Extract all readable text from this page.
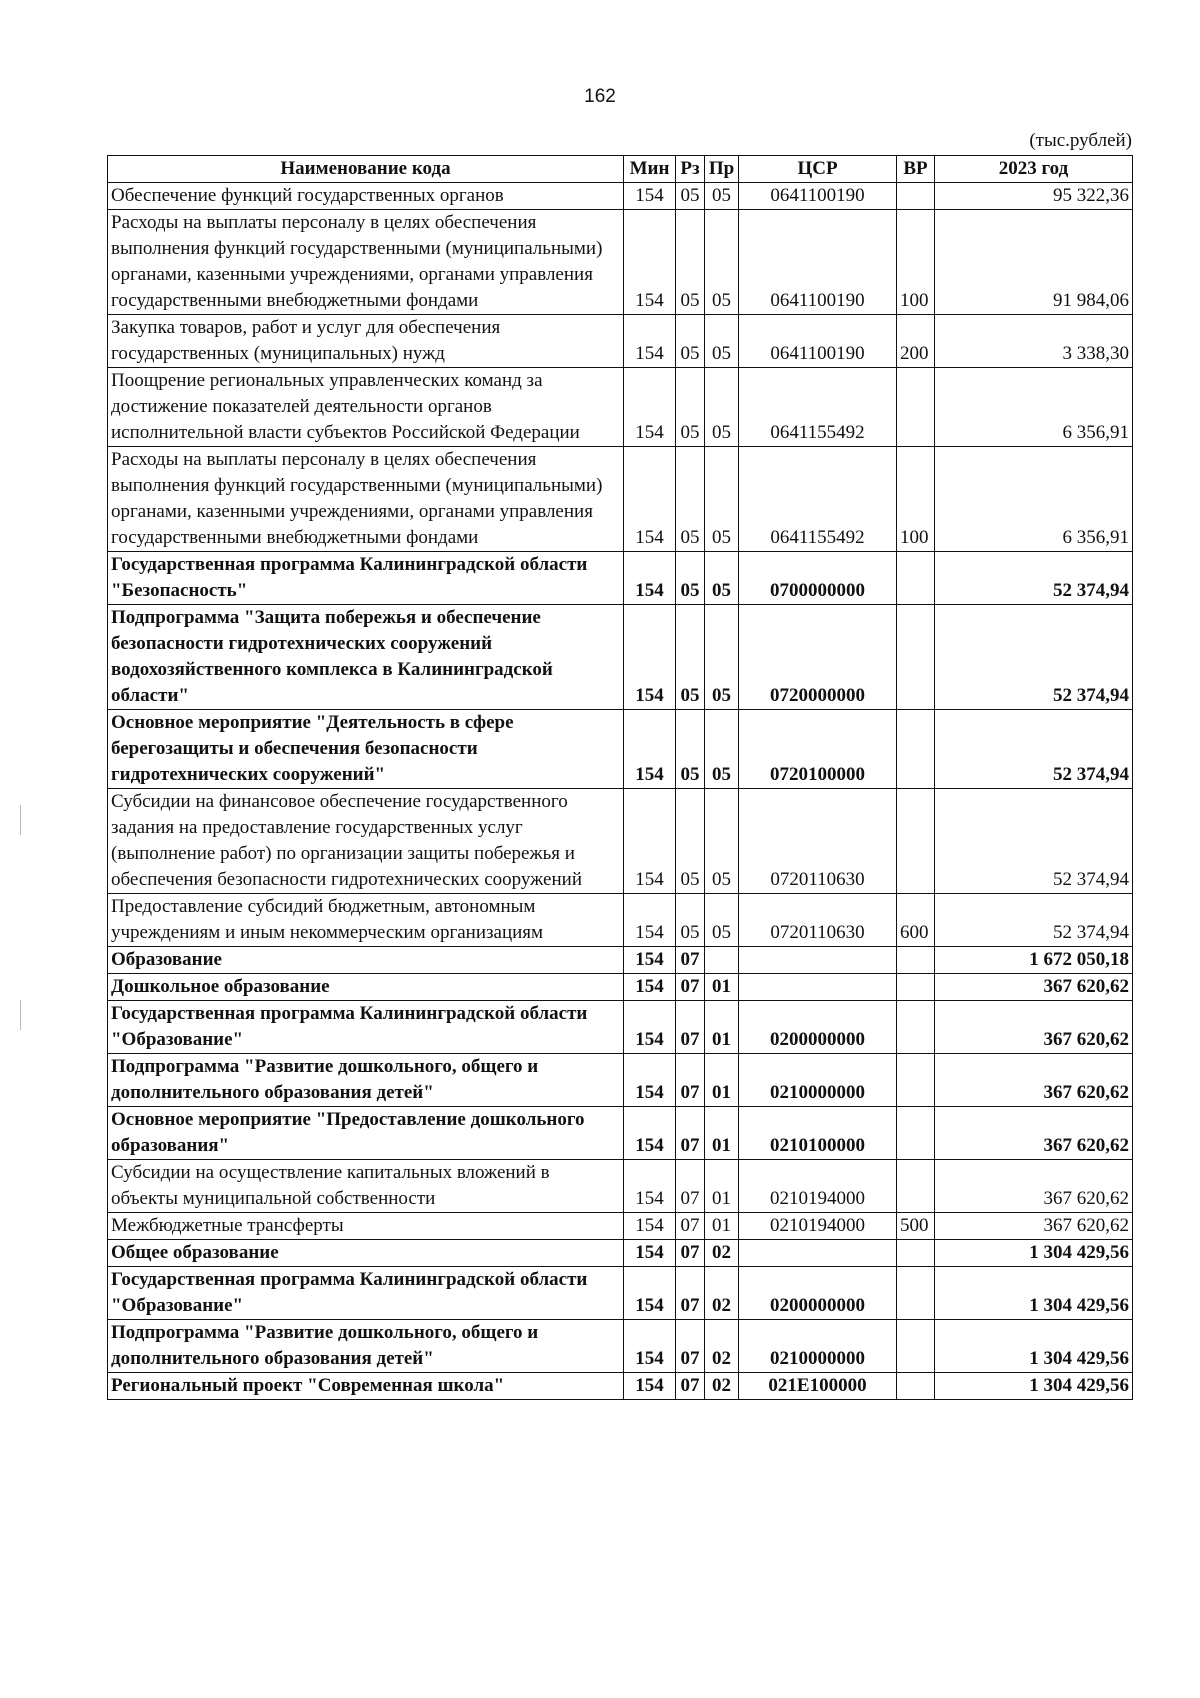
162
(тыс.рублей)
Наименование кода	Мин	Рз	Пр	ЦСР	ВР	2023 год
Обеспечение функций государственных органов	154	05	05	0641100190		95 322,36
Расходы на выплаты персоналу в целях обеспечения выполнения функций государственными (муниципальными) органами, казенными учреждениями, органами управления государственными внебюджетными фондами	154	05	05	0641100190	100	91 984,06
Закупка товаров, работ и услуг для обеспечения государственных (муниципальных) нужд	154	05	05	0641100190	200	3 338,30
Поощрение региональных управленческих команд за достижение показателей деятельности органов исполнительной власти субъектов Российской Федерации	154	05	05	0641155492		6 356,91
Расходы на выплаты персоналу в целях обеспечения выполнения функций государственными (муниципальными) органами, казенными учреждениями, органами управления государственными внебюджетными фондами	154	05	05	0641155492	100	6 356,91
Государственная программа Калининградской области "Безопасность"	154	05	05	0700000000		52 374,94
Подпрограмма "Защита побережья и обеспечение безопасности гидротехнических сооружений водохозяйственного комплекса в Калининградской области"	154	05	05	0720000000		52 374,94
Основное мероприятие "Деятельность в сфере берегозащиты и обеспечения безопасности гидротехнических сооружений"	154	05	05	0720100000		52 374,94
Субсидии на финансовое обеспечение государственного задания на предоставление государственных услуг (выполнение работ) по организации защиты побережья и обеспечения безопасности гидротехнических сооружений	154	05	05	0720110630		52 374,94
Предоставление субсидий бюджетным, автономным учреждениям и иным некоммерческим организациям	154	05	05	0720110630	600	52 374,94
Образование	154	07				1 672 050,18
Дошкольное образование	154	07	01			367 620,62
Государственная программа Калининградской области "Образование"	154	07	01	0200000000		367 620,62
Подпрограмма "Развитие дошкольного, общего и дополнительного образования детей"	154	07	01	0210000000		367 620,62
Основное мероприятие "Предоставление дошкольного образования"	154	07	01	0210100000		367 620,62
Субсидии на осуществление капитальных вложений в объекты муниципальной собственности	154	07	01	0210194000		367 620,62
Межбюджетные трансферты	154	07	01	0210194000	500	367 620,62
Общее образование	154	07	02			1 304 429,56
Государственная программа Калининградской области "Образование"	154	07	02	0200000000		1 304 429,56
Подпрограмма "Развитие дошкольного, общего и дополнительного образования детей"	154	07	02	0210000000		1 304 429,56
Региональный проект "Современная школа"	154	07	02	021E100000		1 304 429,56
